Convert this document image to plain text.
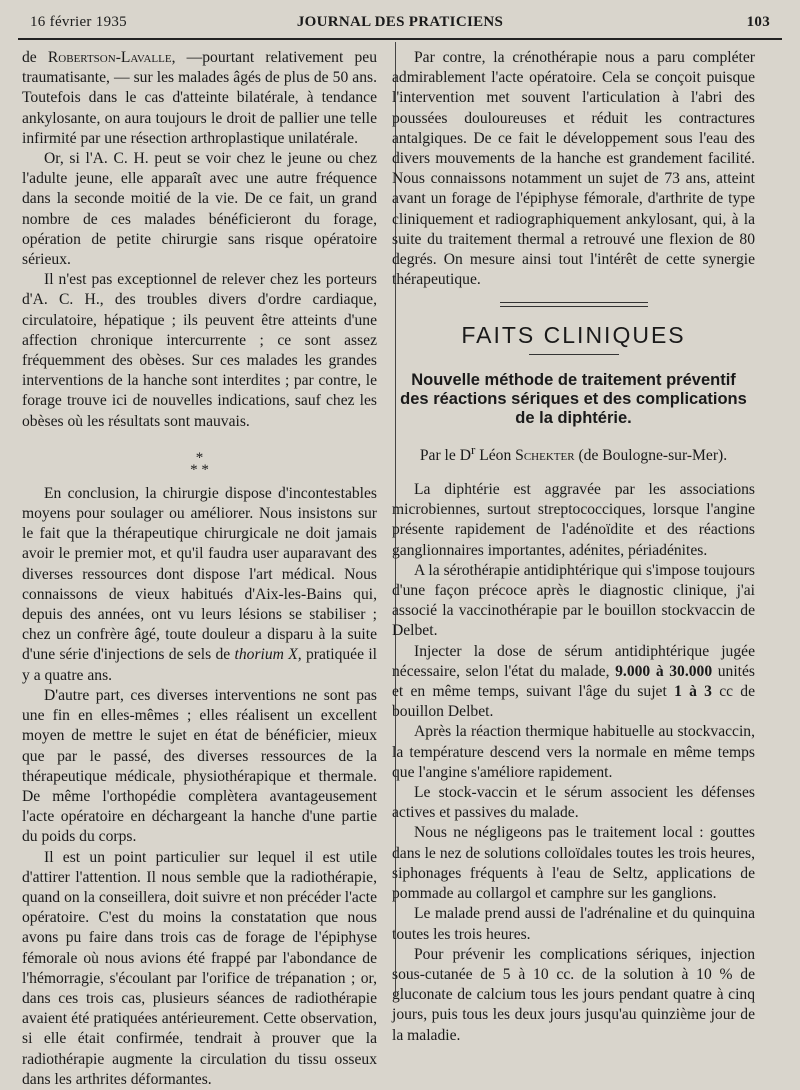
16 février 1935	JOURNAL DES PRATICIENS	103

de Robertson-Lavalle, —pourtant relativement peu traumatisante, — sur les malades âgés de plus de 50 ans. Toutefois dans le cas d'atteinte bilatérale, à tendance ankylosante, on aura toujours le droit de pallier une telle infirmité par une résection arthroplastique unilatérale.

Or, si l'A. C. H. peut se voir chez le jeune ou chez l'adulte jeune, elle apparaît avec une autre fréquence dans la seconde moitié de la vie. De ce fait, un grand nombre de ces malades bénéficieront du forage, opération de petite chirurgie sans risque opératoire sérieux.

Il n'est pas exceptionnel de relever chez les porteurs d'A. C. H., des troubles divers d'ordre cardiaque, circulatoire, hépatique ; ils peuvent être atteints d'une affection chronique intercurrente ; ce sont assez fréquemment des obèses. Sur ces malades les grandes interventions de la hanche sont interdites ; par contre, le forage trouve ici de nouvelles indications, sauf chez les obèses où les résultats sont mauvais.

*
* *

En conclusion, la chirurgie dispose d'incontestables moyens pour soulager ou améliorer. Nous insistons sur le fait que la thérapeutique chirurgicale ne doit jamais avoir le premier mot, et qu'il faudra user auparavant des diverses ressources dont dispose l'art médical. Nous connaissons de vieux habitués d'Aix-les-Bains qui, depuis des années, ont vu leurs lésions se stabiliser ; chez un confrère âgé, toute douleur a disparu à la suite d'une série d'injections de sels de thorium X, pratiquée il y a quatre ans.

D'autre part, ces diverses interventions ne sont pas une fin en elles-mêmes ; elles réalisent un excellent moyen de mettre le sujet en état de bénéficier, mieux que par le passé, des diverses ressources de la thérapeutique médicale, physiothérapique et thermale. De même l'orthopédie complètera avantageusement l'acte opératoire en déchargeant la hanche d'une partie du poids du corps.

Il est un point particulier sur lequel il est utile d'attirer l'attention. Il nous semble que la radiothérapie, quand on la conseillera, doit suivre et non précéder l'acte opératoire. C'est du moins la constatation que nous avons pu faire dans trois cas de forage de l'épiphyse fémorale où nous avions été frappé par l'abondance de l'hémorragie, s'écoulant par l'orifice de trépanation ; or, dans ces trois cas, plusieurs séances de radiothérapie avaient été pratiquées antérieurement. Cette observation, si elle était confirmée, tendrait à prouver que la radiothérapie augmente la circulation du tissu osseux dans les arthrites déformantes.

Par contre, la crénothérapie nous a paru compléter admirablement l'acte opératoire. Cela se conçoit puisque l'intervention met souvent l'articulation à l'abri des poussées douloureuses et réduit les contractures antalgiques. De ce fait le développement sous l'eau des divers mouvements de la hanche est grandement facilité. Nous connaissons notamment un sujet de 73 ans, atteint avant un forage de l'épiphyse fémorale, d'arthrite de type cliniquement et radiographiquement ankylosant, qui, à la suite du traitement thermal a retrouvé une flexion de 80 degrés. On mesure ainsi tout l'intérêt de cette synergie thérapeutique.

FAITS CLINIQUES
Nouvelle méthode de traitement préventif des réactions sériques et des complications de la diphtérie.
Par le $D^r$ Léon Schekter (de Boulogne-sur-Mer).

La diphtérie est aggravée par les associations microbiennes, surtout streptococciques, lorsque l'angine présente rapidement de l'adénoïdite et des réactions ganglionnaires importantes, adénites, périadénites.

A la sérothérapie antidiphtérique qui s'impose toujours d'une façon précoce après le diagnostic clinique, j'ai associé la vaccinothérapie par le bouillon stockvaccin de Delbet.

Injecter la dose de sérum antidiphtérique jugée nécessaire, selon l'état du malade, 9.000 à 30.000 unités et en même temps, suivant l'âge du sujet 1 à 3 cc de bouillon Delbet.

Après la réaction thermique habituelle au stockvaccin, la température descend vers la normale en même temps que l'angine s'améliore rapidement.

Le stock-vaccin et le sérum associent les défenses actives et passives du malade.

Nous ne négligeons pas le traitement local : gouttes dans le nez de solutions colloïdales toutes les trois heures, siphonages fréquents à l'eau de Seltz, applications de pommade au collargol et camphre sur les ganglions.

Le malade prend aussi de l'adrénaline et du quinquina toutes les trois heures.

Pour prévenir les complications sériques, injection sous-cutanée de 5 à 10 cc. de la solution à 10 % de gluconate de calcium tous les jours pendant quatre à cinq jours, puis tous les deux jours jusqu'au quinzième jour de la maladie.
